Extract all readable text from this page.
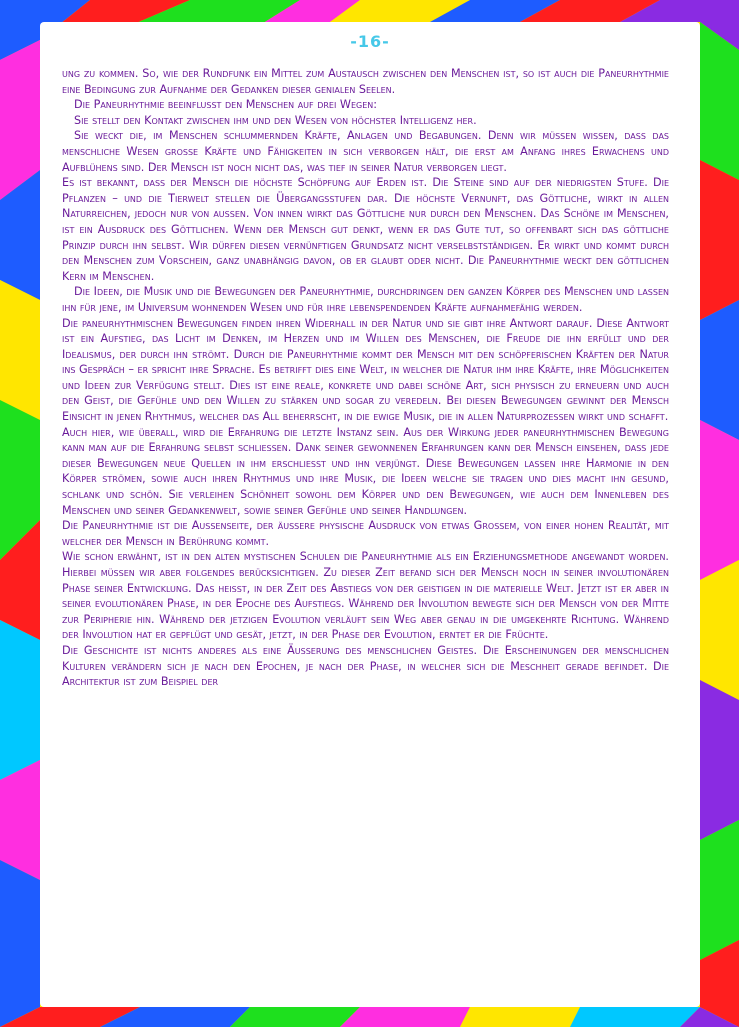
-16-

ung zu kommen. So, wie der Rundfunk ein Mittel zum Austausch zwischen den Menschen ist, so ist auch die Paneurhythmie eine Bedingung zur Aufnahme der Gedanken dieser genialen Seelen.

Die Paneurhythmie beeinflusst den Menschen auf drei Wegen:

Sie stellt den Kontakt zwischen ihm und den Wesen von höchster Intelligenz her.

Sie weckt die, im Menschen schlummernden Kräfte, Anlagen und Begabungen. Denn wir müssen wissen, dass das menschliche Wesen grosse Kräfte und Fähigkeiten in sich verborgen hält, die erst am Anfang ihres Erwachens und Aufblühens sind. Der Mensch ist noch nicht das, was tief in seiner Natur verborgen liegt.

Es ist bekannt, dass der Mensch die höchste Schöpfung auf Erden ist. Die Steine sind auf der niedrigsten Stufe. Die Pflanzen – und die Tierwelt stellen die Übergangsstufen dar. Die höchste Vernunft, das Göttliche, wirkt in allen Naturreichen, jedoch nur von aussen. Von innen wirkt das Göttliche nur durch den Menschen. Das Schöne im Menschen, ist ein Ausdruck des Göttlichen. Wenn der Mensch gut denkt, wenn er das Gute tut, so offenbart sich das göttliche Prinzip durch ihn selbst. Wir dürfen diesen vernünftigen Grundsatz nicht verselbstständigen. Er wirkt und kommt durch den Menschen zum Vorschein, ganz unabhängig davon, ob er glaubt oder nicht. Die Paneurhythmie weckt den göttlichen Kern im Menschen.

Die Ideen, die Musik und die Bewegungen der Paneurhythmie, durchdringen den ganzen Körper des Menschen und lassen ihn für jene, im Universum wohnenden Wesen und für ihre lebenspendenden Kräfte aufnahmefähig werden.

Die paneurhythmischen Bewegungen finden ihren Widerhall in der Natur und sie gibt ihre Antwort darauf. Diese Antwort ist ein Aufstieg, das Licht im Denken, im Herzen und im Willen des Menschen, die Freude die ihn erfüllt und der Idealismus, der durch ihn strömt. Durch die Paneurhythmie kommt der Mensch mit den schöpferischen Kräften der Natur ins Gespräch – er spricht ihre Sprache. Es betrifft dies eine Welt, in welcher die Natur ihm ihre Kräfte, ihre Möglichkeiten und Ideen zur Verfügung stellt. Dies ist eine reale, konkrete und dabei schöne Art, sich physisch zu erneuern und auch den Geist, die Gefühle und den Willen zu stärken und sogar zu veredeln. Bei diesen Bewegungen gewinnt der Mensch Einsicht in jenen Rhythmus, welcher das All beherrscht, in die ewige Musik, die in allen Naturprozessen wirkt und schafft.

Auch hier, wie überall, wird die Erfahrung die letzte Instanz sein. Aus der Wirkung jeder paneurhythmischen Bewegung kann man auf die Erfahrung selbst schliessen. Dank seiner gewonnenen Erfahrungen kann der Mensch einsehen, dass jede dieser Bewegungen neue Quellen in ihm erschliesst und ihn verjüngt. Diese Bewegungen lassen ihre Harmonie in den Körper strömen, sowie auch ihren Rhythmus und ihre Musik, die Ideen welche sie tragen und dies macht ihn gesund, schlank und schön. Sie verleihen Schönheit sowohl dem Körper und den Bewegungen, wie auch dem Innenleben des Menschen und seiner Gedankenwelt, sowie seiner Gefühle und seiner Handlungen.

Die Paneurhythmie ist die Aussenseite, der äussere physische Ausdruck von etwas Grossem, von einer hohen Realität, mit welcher der Mensch in Berührung kommt.

Wie schon erwähnt, ist in den alten mystischen Schulen die Paneurhythmie als ein Erziehungsmethode angewandt worden. Hierbei müssen wir aber folgendes berücksichtigen. Zu dieser Zeit befand sich der Mensch noch in seiner involutionären Phase seiner Entwicklung. Das heisst, in der Zeit des Abstiegs von der geistigen in die materielle Welt. Jetzt ist er aber in seiner evolutionären Phase, in der Epoche des Aufstiegs. Während der Involution bewegte sich der Mensch von der Mitte zur Peripherie hin. Während der jetzigen Evolution verläuft sein Weg aber genau in die umgekehrte Richtung. Während der Involution hat er gepflügt und gesät, jetzt, in der Phase der Evolution, erntet er die Früchte.

Die Geschichte ist nichts anderes als eine Äusserung des menschlichen Geistes. Die Erscheinungen der menschlichen Kulturen verändern sich je nach den Epochen, je nach der Phase, in welcher sich die Meschheit gerade befindet. Die Architektur ist zum Beispiel der
